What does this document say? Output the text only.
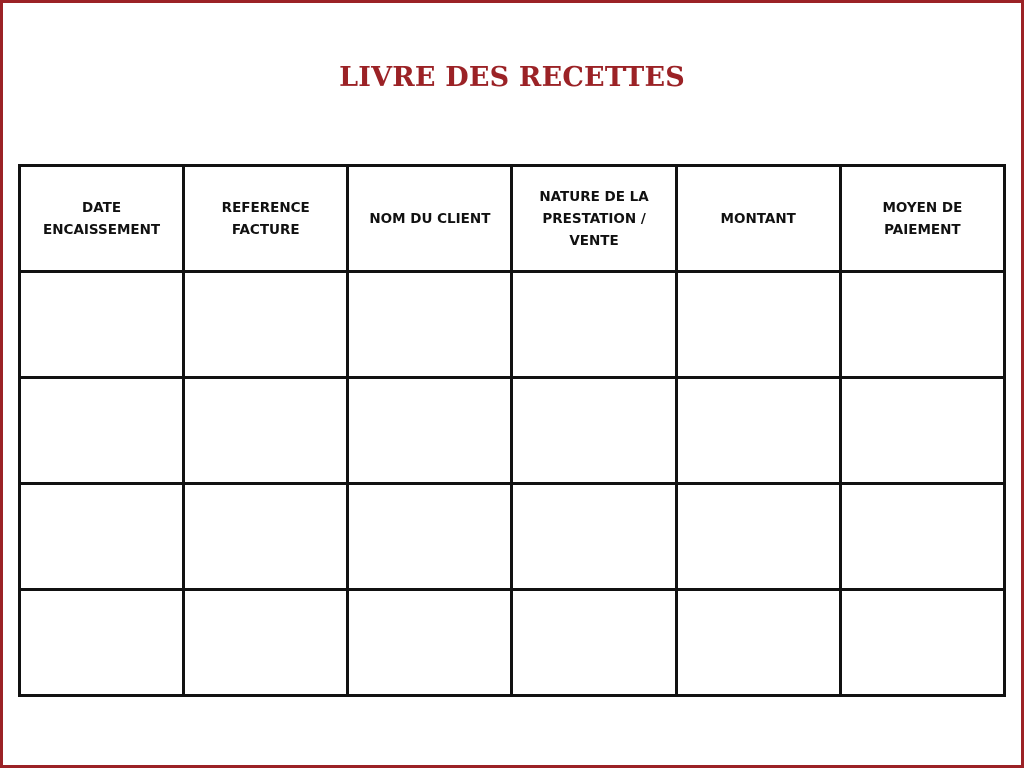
LIVRE DES RECETTES
DATE ENCAISSEMENT	REFERENCE FACTURE	NOM DU CLIENT	NATURE DE LA PRESTATION / VENTE	MONTANT	MOYEN DE PAIEMENT
